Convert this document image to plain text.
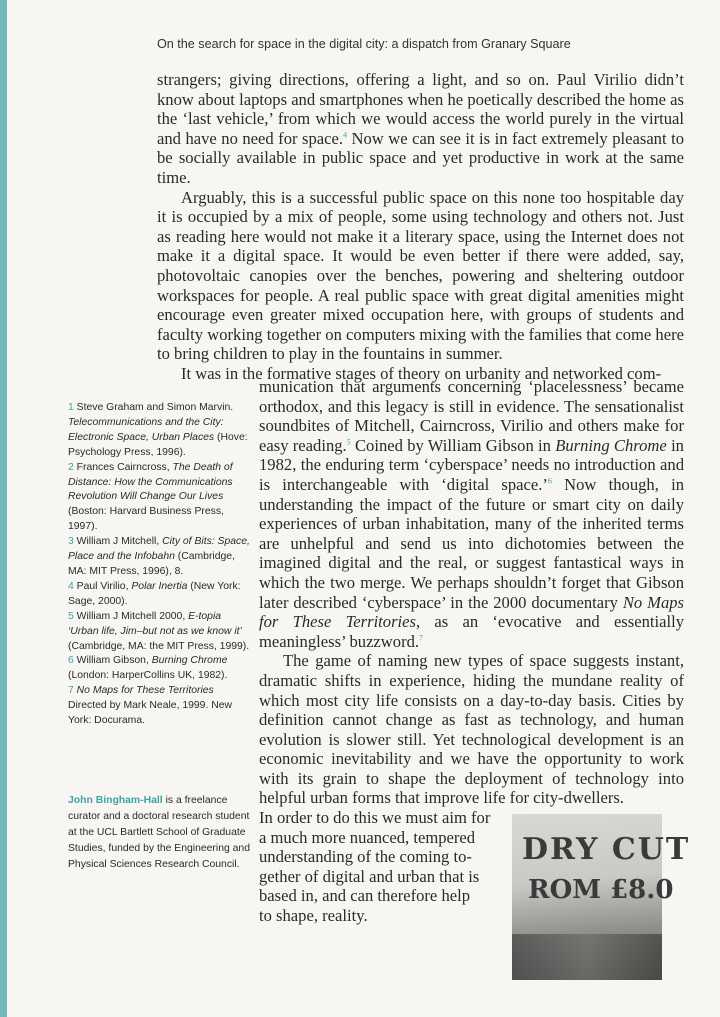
On the search for space in the digital city: a dispatch from Granary Square

strangers; giving directions, offering a light, and so on. Paul Virilio didn’t know about laptops and smartphones when he poetically described the home as the ‘last vehicle,’ from which we would access the world purely in the virtual and have no need for space.$^4$ Now we can see it is in fact extremely pleasant to be socially available in public space and yet productive in work at the same time.

Arguably, this is a successful public space on this none too hospitable day it is occupied by a mix of people, some using technology and others not. Just as reading here would not make it a literary space, using the Internet does not make it a digital space. It would be even better if there were added, say, photovoltaic canopies over the benches, powering and sheltering outdoor workspaces for people. A real public space with great digital amenities might encourage even greater mixed occupation here, with groups of students and faculty working together on computers mixing with the families that come here to bring children to play in the fountains in summer.

It was in the formative stages of theory on urbanity and networked com-

munication that arguments concerning ‘placelessness’ became orthodox, and this legacy is still in evidence. The sensationalist soundbites of Mitchell, Cairncross, Virilio and others make for easy reading.$^5$ Coined by William Gibson in Burning Chrome in 1982, the enduring term ‘cyberspace’ needs no introduction and is interchangeable with ‘digital space.’$^6$ Now though, in understanding the impact of the future or smart city on daily experiences of urban inhabitation, many of the inherited terms are unhelpful and send us into dichotomies between the imagined digital and the real, or suggest fantastical ways in which the two merge. We perhaps shouldn’t forget that Gibson later described ‘cyberspace’ in the 2000 documentary No Maps for These Territories, as an ‘evocative and essentially meaningless’ buzzword.$^7$

The game of naming new types of space suggests instant, dramatic shifts in experience, hiding the mundane reality of which most city life consists on a day-to-day basis. Cities by definition cannot change as fast as technology, and human evolution is slower still. Yet technological development is an economic inevitability and we have the opportunity to work with its grain to shape the deployment of technology into helpful urban forms that improve life for city-dwellers.

In order to do this we must aim for
a much more nuanced, tempered
understanding of the coming to-
gether of digital and urban that is
based in, and can therefore help
to shape, reality.

1 Steve Graham and Simon Marvin. Telecommunications and the City: Electronic Space, Urban Places (Hove: Psychology Press, 1996).

2 Frances Cairncross, The Death of Distance: How the Communications Revolution Will Change Our Lives (Boston: Harvard Business Press, 1997).

3 William J Mitchell, City of Bits: Space, Place and the Infobahn (Cambridge, MA: MIT Press, 1996), 8.

4 Paul Virilio, Polar Inertia (New York: Sage, 2000).

5 William J Mitchell 2000, E-topia ‘Urban life, Jim–but not as we know it’ (Cambridge, MA: the MIT Press, 1999).

6 William Gibson, Burning Chrome (London: HarperCollins UK, 1982).

7 No Maps for These Territories Directed by Mark Neale, 1999. New York: Docurama.

John Bingham-Hall is a freelance curator and a doctoral research student at the UCL Bartlett School of Graduate Studies, funded by the Engineering and Physical Sciences Research Council.	DRY CUT
ROM £8.0
